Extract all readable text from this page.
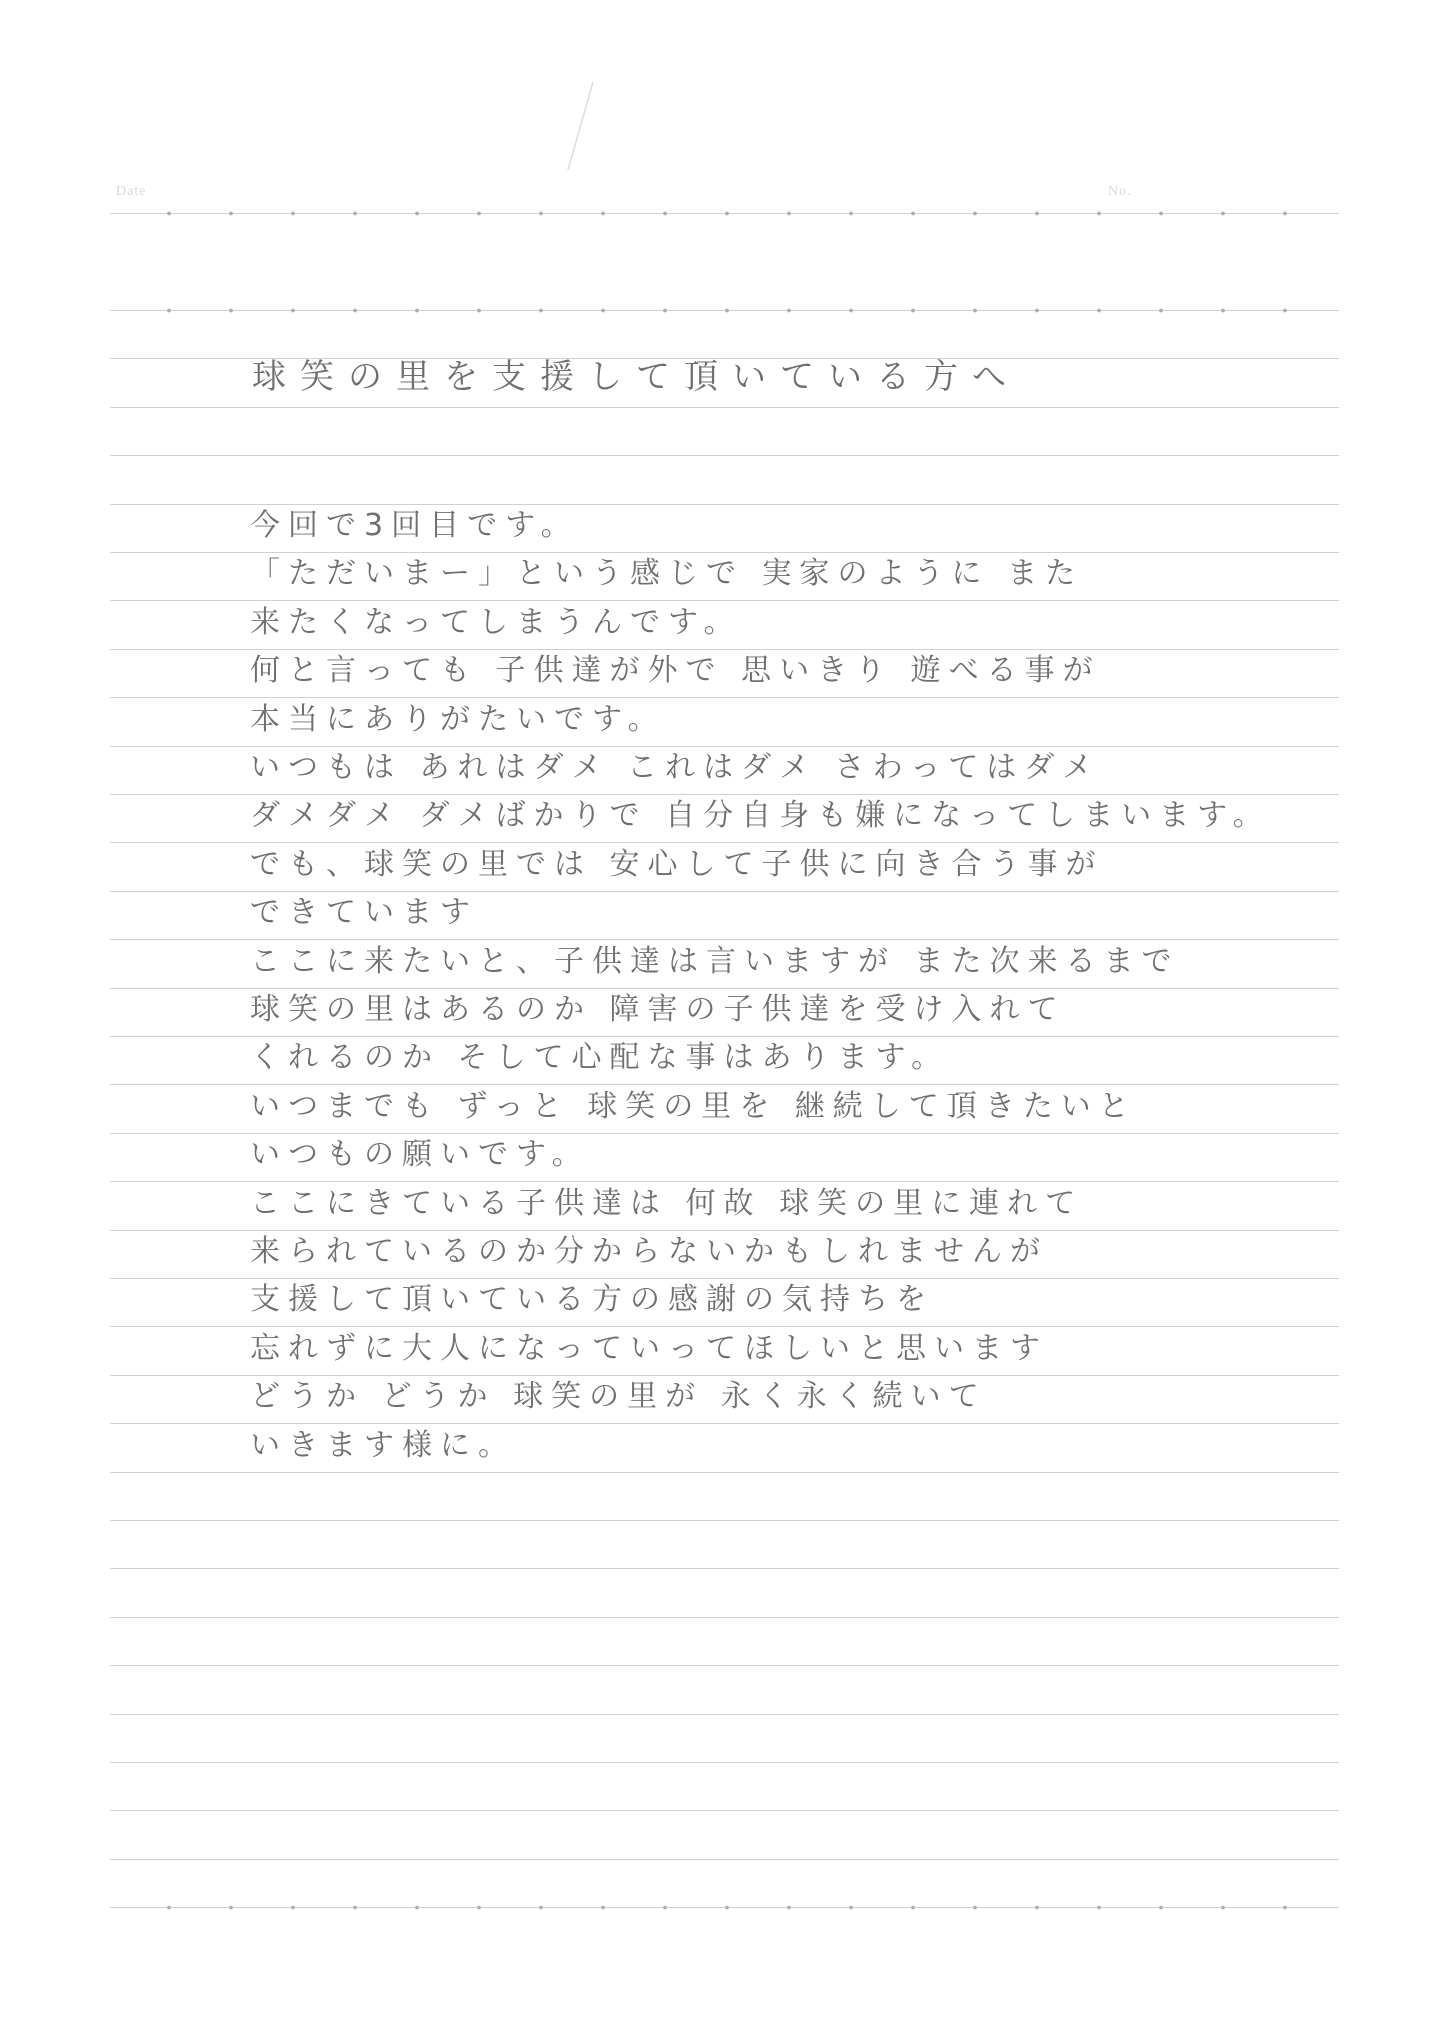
Date	No.
球笑の里を支援して頂いている方へ
今回で3回目です。
「ただいまー」という感じで 実家のように また
来たくなってしまうんです。
何と言っても 子供達が外で 思いきり 遊べる事が
本当にありがたいです。
いつもは あれはダメ これはダメ さわってはダメ
ダメダメ ダメばかりで 自分自身も嫌になってしまいます。
でも、球笑の里では 安心して子供に向き合う事が
できています
ここに来たいと、子供達は言いますが また次来るまで
球笑の里はあるのか 障害の子供達を受け入れて
くれるのか そして心配な事はあります。
いつまでも ずっと 球笑の里を 継続して頂きたいと
いつもの願いです。
ここにきている子供達は 何故 球笑の里に連れて
来られているのか分からないかもしれませんが
支援して頂いている方の感謝の気持ちを
忘れずに大人になっていってほしいと思います
どうか どうか 球笑の里が 永く永く続いて
いきます様に。
